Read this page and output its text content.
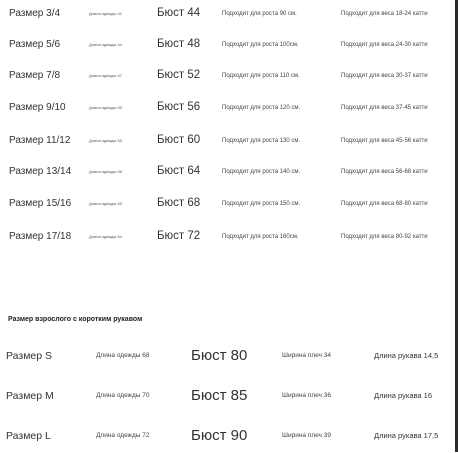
Размер 3/4	Длина одежды 41	Бюст 44	Подходит для роста 90 см.	Подходит для веса 18-24 катти
Размер 5/6	Длина одежды 44	Бюст 48	Подходит для роста 100см.	Подходит для веса 24-30 катти
Размер 7/8	Длина одежды 47	Бюст 52	Подходит для роста 110 см.	Подходит для веса 30-37 катти
Размер 9/10	Длина одежды 50	Бюст 56	Подходит для роста 120 см.	Подходит для веса 37-45 катти
Размер 11/12	Длина одежды 53	Бюст 60	Подходит для роста 130 см.	Подходит для веса 45-56 катти
Размер 13/14	Длина одежды 56	Бюст 64	Подходит для роста 140 см.	Подходит для веса 56-68 катти
Размер 15/16	Длина одежды 60	Бюст 68	Подходит для роста 150 см.	Подходит для веса 68-80 катти
Размер 17/18	Длина одежды 64	Бюст 72	Подходит для роста 160см.	Подходит для веса 80-92 катти
Размер взрослого с коротким рукавом
Размер S	Длина одежды 68	Бюст 80	Ширина плеч 34	Длина рукава 14,5
Размер M	Длина одежды 70	Бюст 85	Ширина плеч 36	Длина рукава 16
Размер L	Длина одежды 72	Бюст 90	Ширина плеч 39	Длина рукава 17,5
